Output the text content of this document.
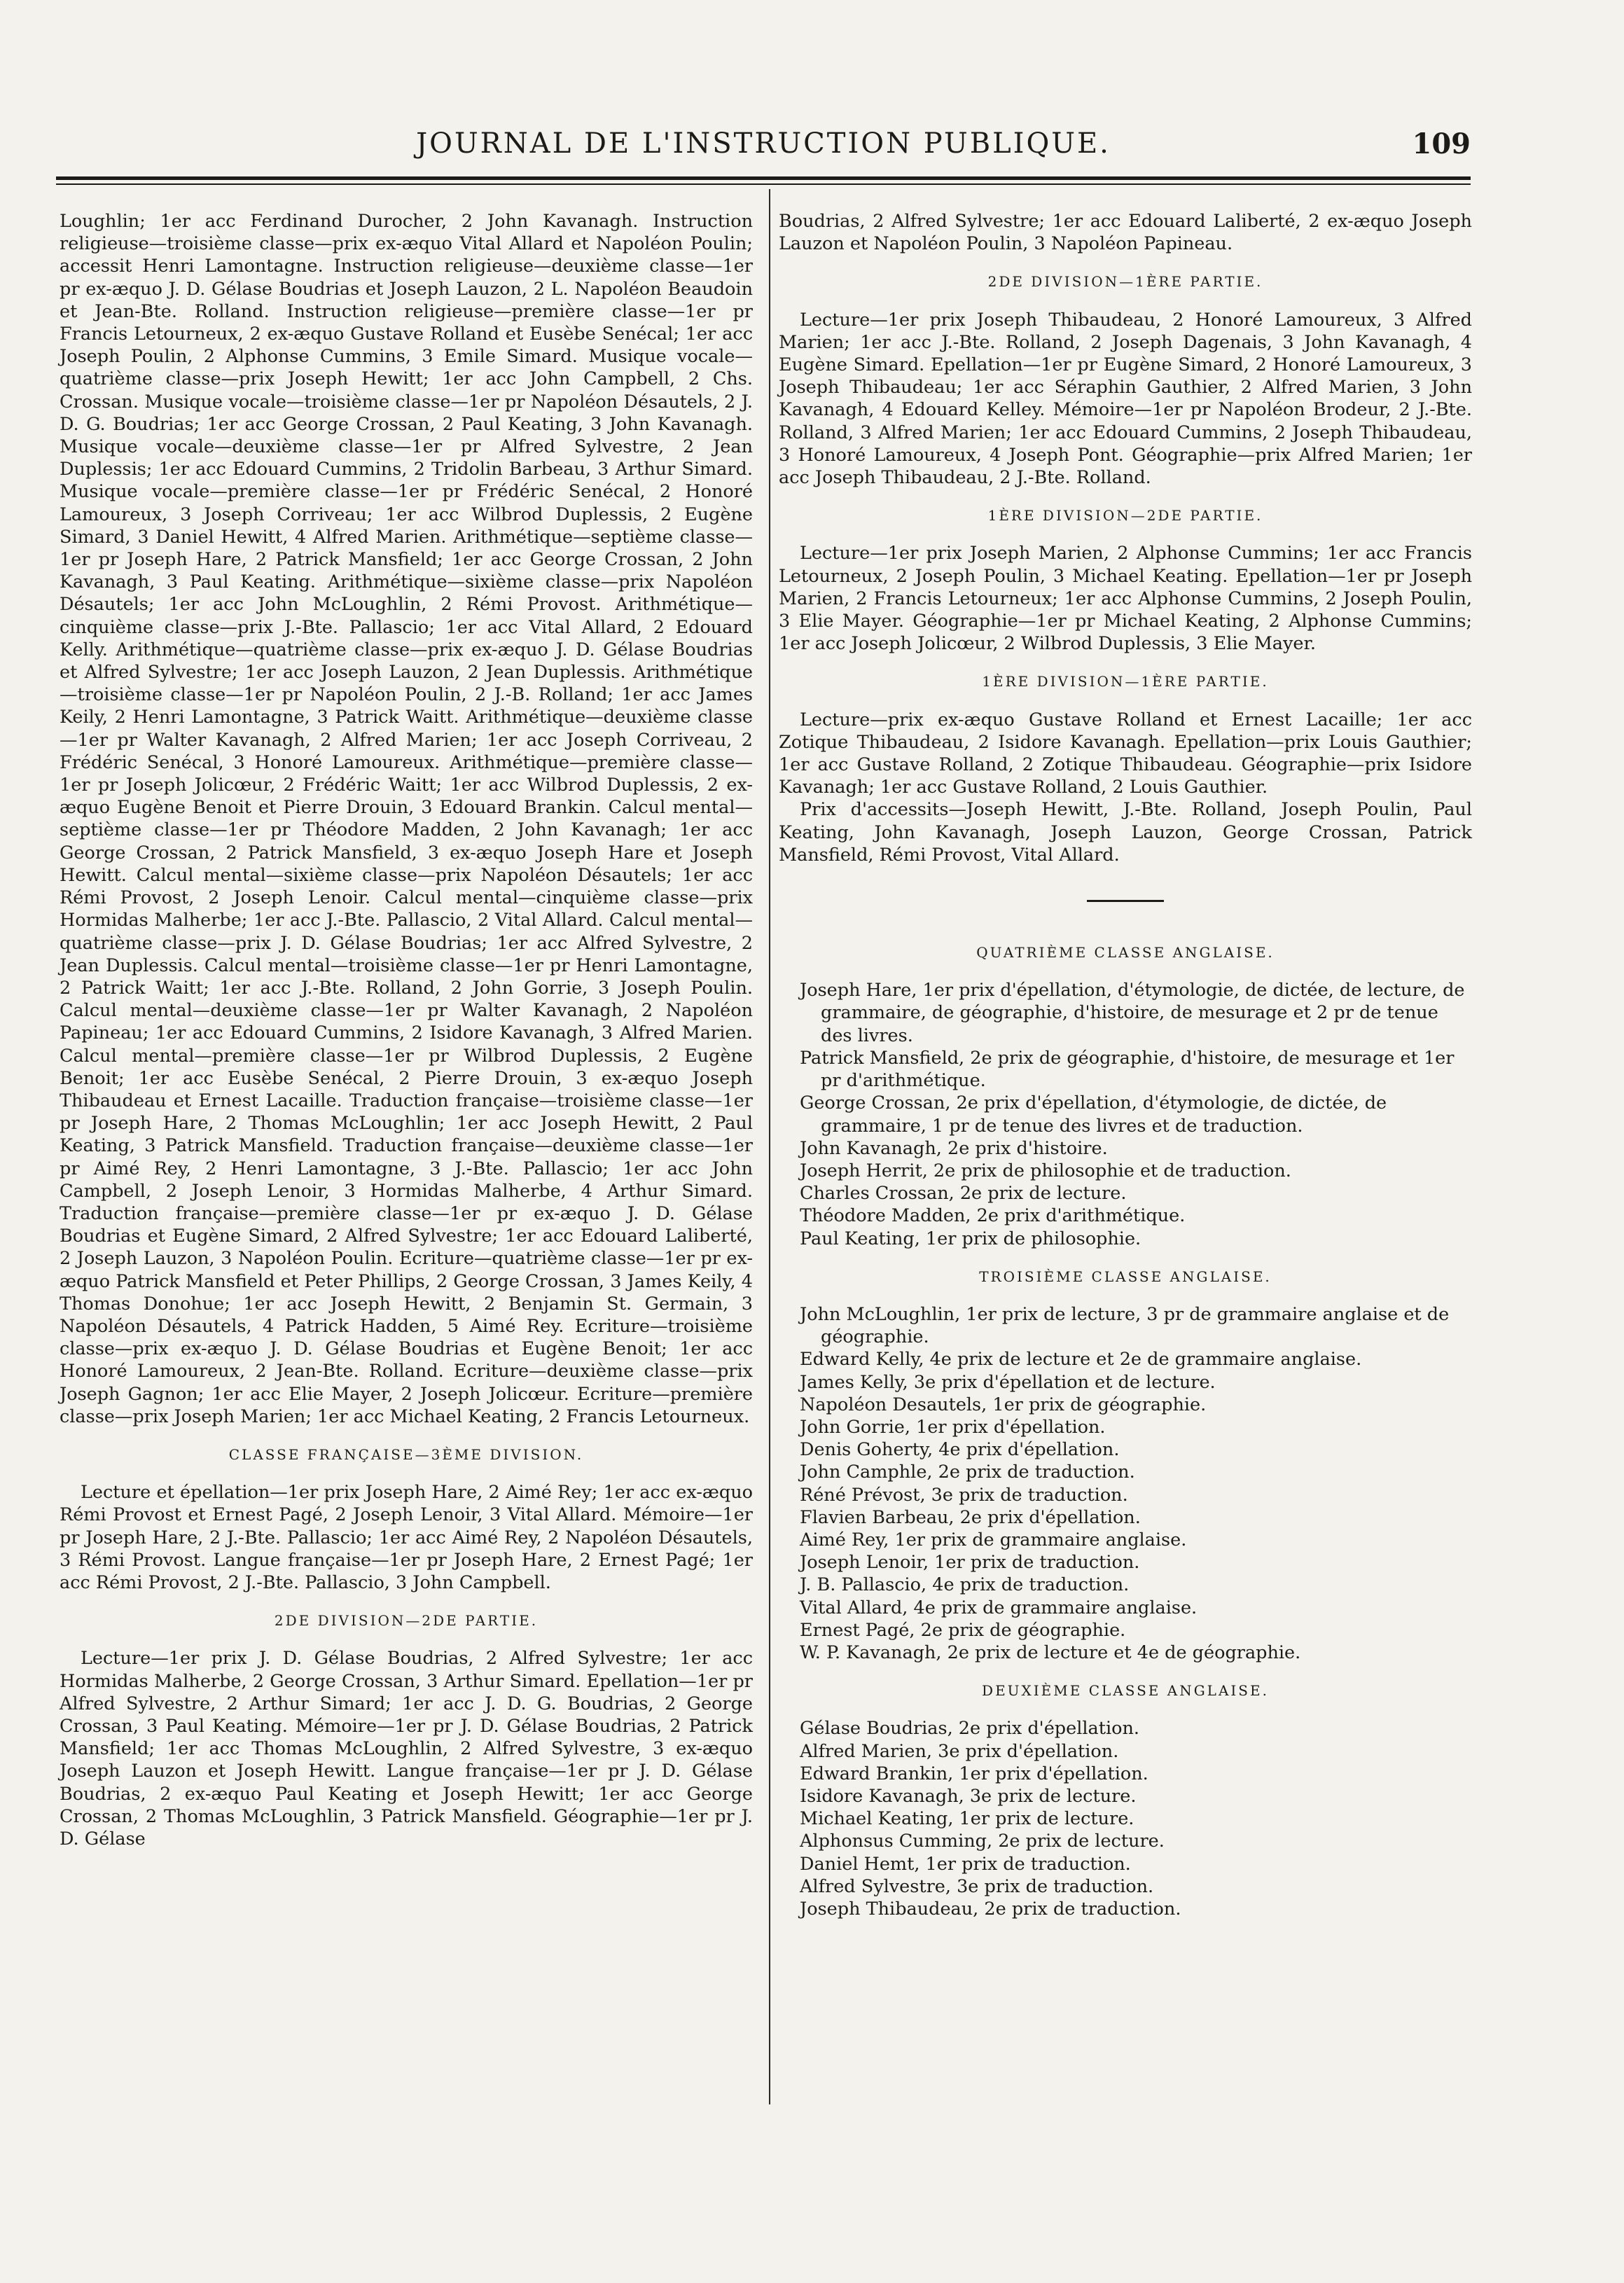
JOURNAL DE L'INSTRUCTION PUBLIQUE.	109

Loughlin; 1er acc Ferdinand Durocher, 2 John Kavanagh. Instruction religieuse—troisième classe—prix ex-æquo Vital Allard et Napoléon Poulin; accessit Henri Lamontagne. Instruction religieuse—deuxième classe—1er pr ex-æquo J. D. Gélase Boudrias et Joseph Lauzon, 2 L. Napoléon Beaudoin et Jean-Bte. Rolland. Instruction religieuse—première classe—1er pr Francis Letourneux, 2 ex-æquo Gustave Rolland et Eusèbe Senécal; 1er acc Joseph Poulin, 2 Alphonse Cummins, 3 Emile Simard. Musique vocale—quatrième classe—prix Joseph Hewitt; 1er acc John Campbell, 2 Chs. Crossan. Musique vocale—troisième classe—1er pr Napoléon Désautels, 2 J. D. G. Boudrias; 1er acc George Crossan, 2 Paul Keating, 3 John Kavanagh. Musique vocale—deuxième classe—1er pr Alfred Sylvestre, 2 Jean Duplessis; 1er acc Edouard Cummins, 2 Tridolin Barbeau, 3 Arthur Simard. Musique vocale—première classe—1er pr Frédéric Senécal, 2 Honoré Lamoureux, 3 Joseph Corriveau; 1er acc Wilbrod Duplessis, 2 Eugène Simard, 3 Daniel Hewitt, 4 Alfred Marien. Arithmétique—septième classe—1er pr Joseph Hare, 2 Patrick Mansfield; 1er acc George Crossan, 2 John Kavanagh, 3 Paul Keating. Arithmétique—sixième classe—prix Napoléon Désautels; 1er acc John McLoughlin, 2 Rémi Provost. Arithmétique—cinquième classe—prix J.-Bte. Pallascio; 1er acc Vital Allard, 2 Edouard Kelly. Arithmétique—quatrième classe—prix ex-æquo J. D. Gélase Boudrias et Alfred Sylvestre; 1er acc Joseph Lauzon, 2 Jean Duplessis. Arithmétique—troisième classe—1er pr Napoléon Poulin, 2 J.-B. Rolland; 1er acc James Keily, 2 Henri Lamontagne, 3 Patrick Waitt. Arithmétique—deuxième classe—1er pr Walter Kavanagh, 2 Alfred Marien; 1er acc Joseph Corriveau, 2 Frédéric Senécal, 3 Honoré Lamoureux. Arithmétique—première classe—1er pr Joseph Jolicœur, 2 Frédéric Waitt; 1er acc Wilbrod Duplessis, 2 ex-æquo Eugène Benoit et Pierre Drouin, 3 Edouard Brankin. Calcul mental—septième classe—1er pr Théodore Madden, 2 John Kavanagh; 1er acc George Crossan, 2 Patrick Mansfield, 3 ex-æquo Joseph Hare et Joseph Hewitt. Calcul mental—sixième classe—prix Napoléon Désautels; 1er acc Rémi Provost, 2 Joseph Lenoir. Calcul mental—cinquième classe—prix Hormidas Malherbe; 1er acc J.-Bte. Pallascio, 2 Vital Allard. Calcul mental—quatrième classe—prix J. D. Gélase Boudrias; 1er acc Alfred Sylvestre, 2 Jean Duplessis. Calcul mental—troisième classe—1er pr Henri Lamontagne, 2 Patrick Waitt; 1er acc J.-Bte. Rolland, 2 John Gorrie, 3 Joseph Poulin. Calcul mental—deuxième classe—1er pr Walter Kavanagh, 2 Napoléon Papineau; 1er acc Edouard Cummins, 2 Isidore Kavanagh, 3 Alfred Marien. Calcul mental—première classe—1er pr Wilbrod Duplessis, 2 Eugène Benoit; 1er acc Eusèbe Senécal, 2 Pierre Drouin, 3 ex-æquo Joseph Thibaudeau et Ernest Lacaille. Traduction française—troisième classe—1er pr Joseph Hare, 2 Thomas McLoughlin; 1er acc Joseph Hewitt, 2 Paul Keating, 3 Patrick Mansfield. Traduction française—deuxième classe—1er pr Aimé Rey, 2 Henri Lamontagne, 3 J.-Bte. Pallascio; 1er acc John Campbell, 2 Joseph Lenoir, 3 Hormidas Malherbe, 4 Arthur Simard. Traduction française—première classe—1er pr ex-æquo J. D. Gélase Boudrias et Eugène Simard, 2 Alfred Sylvestre; 1er acc Edouard Laliberté, 2 Joseph Lauzon, 3 Napoléon Poulin. Ecriture—quatrième classe—1er pr ex-æquo Patrick Mansfield et Peter Phillips, 2 George Crossan, 3 James Keily, 4 Thomas Donohue; 1er acc Joseph Hewitt, 2 Benjamin St. Germain, 3 Napoléon Désautels, 4 Patrick Hadden, 5 Aimé Rey. Ecriture—troisième classe—prix ex-æquo J. D. Gélase Boudrias et Eugène Benoit; 1er acc Honoré Lamoureux, 2 Jean-Bte. Rolland. Ecriture—deuxième classe—prix Joseph Gagnon; 1er acc Elie Mayer, 2 Joseph Jolicœur. Ecriture—première classe—prix Joseph Marien; 1er acc Michael Keating, 2 Francis Letourneux.

CLASSE FRANÇAISE—3ÈME DIVISION.

Lecture et épellation—1er prix Joseph Hare, 2 Aimé Rey; 1er acc ex-æquo Rémi Provost et Ernest Pagé, 2 Joseph Lenoir, 3 Vital Allard. Mémoire—1er pr Joseph Hare, 2 J.-Bte. Pallascio; 1er acc Aimé Rey, 2 Napoléon Désautels, 3 Rémi Provost. Langue française—1er pr Joseph Hare, 2 Ernest Pagé; 1er acc Rémi Provost, 2 J.-Bte. Pallascio, 3 John Campbell.

2DE DIVISION—2DE PARTIE.

Lecture—1er prix J. D. Gélase Boudrias, 2 Alfred Sylvestre; 1er acc Hormidas Malherbe, 2 George Crossan, 3 Arthur Simard. Epellation—1er pr Alfred Sylvestre, 2 Arthur Simard; 1er acc J. D. G. Boudrias, 2 George Crossan, 3 Paul Keating. Mémoire—1er pr J. D. Gélase Boudrias, 2 Patrick Mansfield; 1er acc Thomas McLoughlin, 2 Alfred Sylvestre, 3 ex-æquo Joseph Lauzon et Joseph Hewitt. Langue française—1er pr J. D. Gélase Boudrias, 2 ex-æquo Paul Keating et Joseph Hewitt; 1er acc George Crossan, 2 Thomas McLoughlin, 3 Patrick Mansfield. Géographie—1er pr J. D. Gélase

Boudrias, 2 Alfred Sylvestre; 1er acc Edouard Laliberté, 2 ex-æquo Joseph Lauzon et Napoléon Poulin, 3 Napoléon Papineau.

2DE DIVISION—1ÈRE PARTIE.

Lecture—1er prix Joseph Thibaudeau, 2 Honoré Lamoureux, 3 Alfred Marien; 1er acc J.-Bte. Rolland, 2 Joseph Dagenais, 3 John Kavanagh, 4 Eugène Simard. Epellation—1er pr Eugène Simard, 2 Honoré Lamoureux, 3 Joseph Thibaudeau; 1er acc Séraphin Gauthier, 2 Alfred Marien, 3 John Kavanagh, 4 Edouard Kelley. Mémoire—1er pr Napoléon Brodeur, 2 J.-Bte. Rolland, 3 Alfred Marien; 1er acc Edouard Cummins, 2 Joseph Thibaudeau, 3 Honoré Lamoureux, 4 Joseph Pont. Géographie—prix Alfred Marien; 1er acc Joseph Thibaudeau, 2 J.-Bte. Rolland.

1ÈRE DIVISION—2DE PARTIE.

Lecture—1er prix Joseph Marien, 2 Alphonse Cummins; 1er acc Francis Letourneux, 2 Joseph Poulin, 3 Michael Keating. Epellation—1er pr Joseph Marien, 2 Francis Letourneux; 1er acc Alphonse Cummins, 2 Joseph Poulin, 3 Elie Mayer. Géographie—1er pr Michael Keating, 2 Alphonse Cummins; 1er acc Joseph Jolicœur, 2 Wilbrod Duplessis, 3 Elie Mayer.

1ÈRE DIVISION—1ÈRE PARTIE.

Lecture—prix ex-æquo Gustave Rolland et Ernest Lacaille; 1er acc Zotique Thibaudeau, 2 Isidore Kavanagh. Epellation—prix Louis Gauthier; 1er acc Gustave Rolland, 2 Zotique Thibaudeau. Géographie—prix Isidore Kavanagh; 1er acc Gustave Rolland, 2 Louis Gauthier.

Prix d'accessits—Joseph Hewitt, J.-Bte. Rolland, Joseph Poulin, Paul Keating, John Kavanagh, Joseph Lauzon, George Crossan, Patrick Mansfield, Rémi Provost, Vital Allard.

QUATRIÈME CLASSE ANGLAISE.
Joseph Hare, 1er prix d'épellation, d'étymologie, de dictée, de lecture, de grammaire, de géographie, d'histoire, de mesurage et 2 pr de tenue des livres.
Patrick Mansfield, 2e prix de géographie, d'histoire, de mesurage et 1er pr d'arithmétique.
George Crossan, 2e prix d'épellation, d'étymologie, de dictée, de grammaire, 1 pr de tenue des livres et de traduction.
John Kavanagh, 2e prix d'histoire.
Joseph Herrit, 2e prix de philosophie et de traduction.
Charles Crossan, 2e prix de lecture.
Théodore Madden, 2e prix d'arithmétique.
Paul Keating, 1er prix de philosophie.
TROISIÈME CLASSE ANGLAISE.
John McLoughlin, 1er prix de lecture, 3 pr de grammaire anglaise et de géographie.
Edward Kelly, 4e prix de lecture et 2e de grammaire anglaise.
James Kelly, 3e prix d'épellation et de lecture.
Napoléon Desautels, 1er prix de géographie.
John Gorrie, 1er prix d'épellation.
Denis Goherty, 4e prix d'épellation.
John Camphle, 2e prix de traduction.
Réné Prévost, 3e prix de traduction.
Flavien Barbeau, 2e prix d'épellation.
Aimé Rey, 1er prix de grammaire anglaise.
Joseph Lenoir, 1er prix de traduction.
J. B. Pallascio, 4e prix de traduction.
Vital Allard, 4e prix de grammaire anglaise.
Ernest Pagé, 2e prix de géographie.
W. P. Kavanagh, 2e prix de lecture et 4e de géographie.
DEUXIÈME CLASSE ANGLAISE.
Gélase Boudrias, 2e prix d'épellation.
Alfred Marien, 3e prix d'épellation.
Edward Brankin, 1er prix d'épellation.
Isidore Kavanagh, 3e prix de lecture.
Michael Keating, 1er prix de lecture.
Alphonsus Cumming, 2e prix de lecture.
Daniel Hemt, 1er prix de traduction.
Alfred Sylvestre, 3e prix de traduction.
Joseph Thibaudeau, 2e prix de traduction.
